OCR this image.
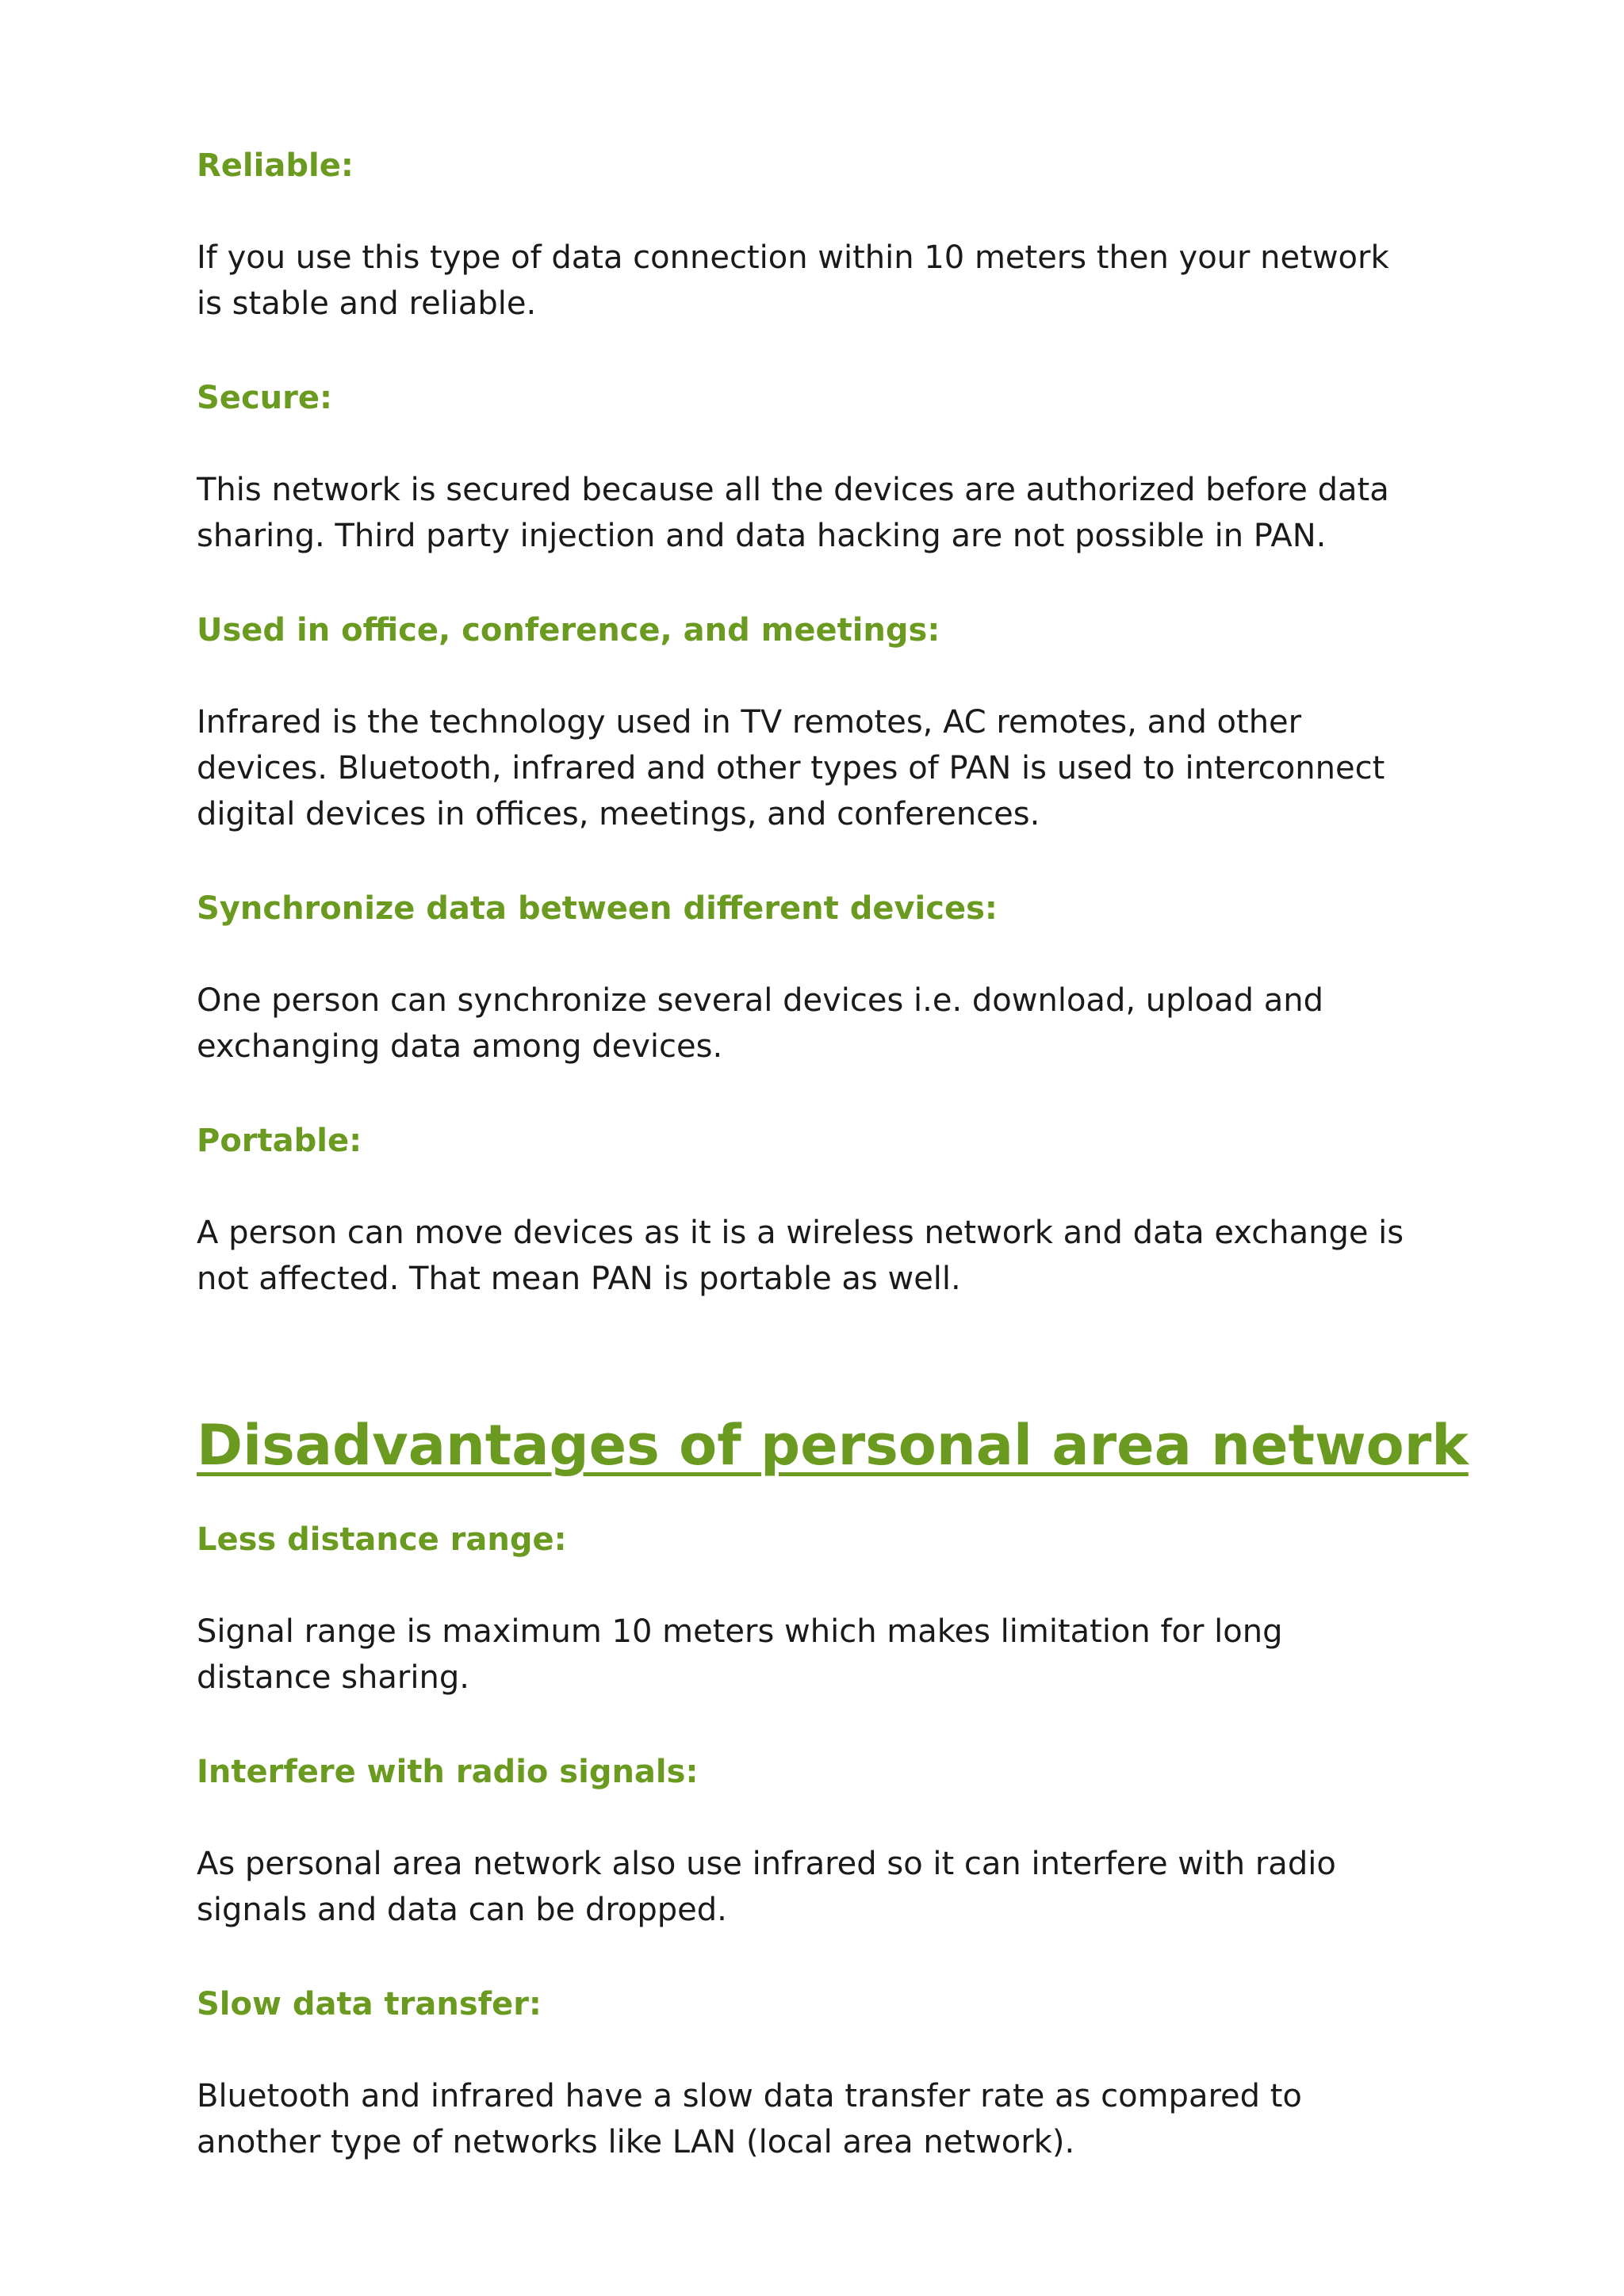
Reliable:

If you use this type of data connection within 10 meters then your network

is stable and reliable.

Secure:

This network is secured because all the devices are authorized before data

sharing. Third party injection and data hacking are not possible in PAN.

Used in office, conference, and meetings:

Infrared is the technology used in TV remotes, AC remotes, and other

devices. Bluetooth, infrared and other types of PAN is used to interconnect

digital devices in offices, meetings, and conferences.

Synchronize data between different devices:

One person can synchronize several devices i.e. download, upload and

exchanging data among devices.

Portable:

A person can move devices as it is a wireless network and data exchange is

not affected. That mean PAN is portable as well.

Disadvantages of personal area network

Less distance range:

Signal range is maximum 10 meters which makes limitation for long

distance sharing.

Interfere with radio signals:

As personal area network also use infrared so it can interfere with radio

signals and data can be dropped.

Slow data transfer:

Bluetooth and infrared have a slow data transfer rate as compared to

another type of networks like LAN (local area network).
